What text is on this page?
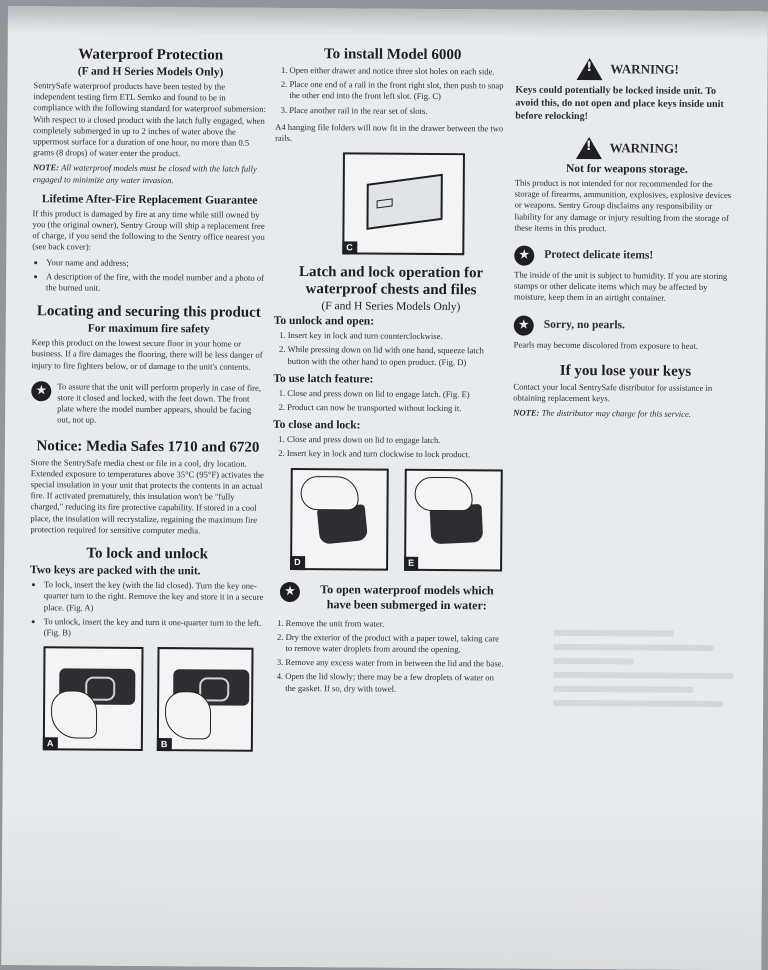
Waterproof Protection
(F and H Series Models Only)

SentrySafe waterproof products have been tested by the independent testing firm ETL Semko and found to be in compliance with the following standard for waterproof submersion: With respect to a closed product with the latch fully engaged, when completely submerged in up to 2 inches of water above the uppermost surface for a duration of one hour, no more than 0.5 grams (8 drops) of water enter the product.

NOTE: All waterproof models must be closed with the latch fully engaged to minimize any water invasion.

Lifetime After-Fire Replacement Guarantee

If this product is damaged by fire at any time while still owned by you (the original owner), Sentry Group will ship a replacement free of charge, if you send the following to the Sentry office nearest you (see back cover):

• Your name and address;
• A description of the fire, with the model number and a photo of the burned unit.
Locating and securing this product
For maximum fire safety

Keep this product on the lowest secure floor in your home or business. If a fire damages the flooring, there will be less danger of injury to fire fighters below, or of damage to the unit's contents.

★	To assure that the unit will perform properly in case of fire, store it closed and locked, with the feet down. The front plate where the model number appears, should be facing out, not up.
Notice: Media Safes 1710 and 6720

Store the SentrySafe media chest or file in a cool, dry location. Extended exposure to temperatures above 35°C (95°F) activates the special insulation in your unit that protects the contents in an actual fire. If activated prematurely, this insulation won't be "fully charged," reducing its fire protective capability. If stored in a cool place, the insulation will recrystalize, regaining the maximum fire protection required for sensitive computer media.

To lock and unlock
Two keys are packed with the unit.
• To lock, insert the key (with the lid closed). Turn the key one-quarter turn to the right. Remove the key and store it in a secure place. (Fig. A)
• To unlock, insert the key and turn it one-quarter turn to the left. (Fig. B)
A	B
To install Model 6000
1. Open either drawer and notice three slot holes on each side.
2. Place one end of a rail in the front right slot, then push to snap the other end into the front left slot. (Fig. C)
3. Place another rail in the rear set of slots.

A4 hanging file folders will now fit in the drawer between the two rails.

C
Latch and lock operation for waterproof chests and files
(F and H Series Models Only)
To unlock and open:
1. Insert key in lock and turn counterclockwise.
2. While pressing down on lid with one hand, squeeze latch button with the other hand to open product. (Fig. D)
To use latch feature:
1. Close and press down on lid to engage latch. (Fig. E)
2. Product can now be transported without locking it.
To close and lock:
1. Close and press down on lid to engage latch.
2. Insert key in lock and turn clockwise to lock product.
D	E
★	To open waterproof models which have been submerged in water:
1. Remove the unit from water.
2. Dry the exterior of the product with a paper towel, taking care to remove water droplets from around the opening.
3. Remove any excess water from in between the lid and the base.
4. Open the lid slowly; there may be a few droplets of water on the gasket. If so, dry with towel.
!
WARNING!

Keys could potentially be locked inside unit. To avoid this, do not open and place keys inside unit before relocking!

!
WARNING!
Not for weapons storage.

This product is not intended for nor recommended for the storage of firearms, ammunition, explosives, explosive devices or weapons. Sentry Group disclaims any responsibility or liability for any damage or injury resulting from the storage of these items in this product.

★	Protect delicate items!

The inside of the unit is subject to humidity. If you are storing stamps or other delicate items which may be affected by moisture, keep them in an airtight container.

★	Sorry, no pearls.

Pearls may become discolored from exposure to heat.

If you lose your keys

Contact your local SentrySafe distributor for assistance in obtaining replacement keys.

NOTE: The distributor may charge for this service.
